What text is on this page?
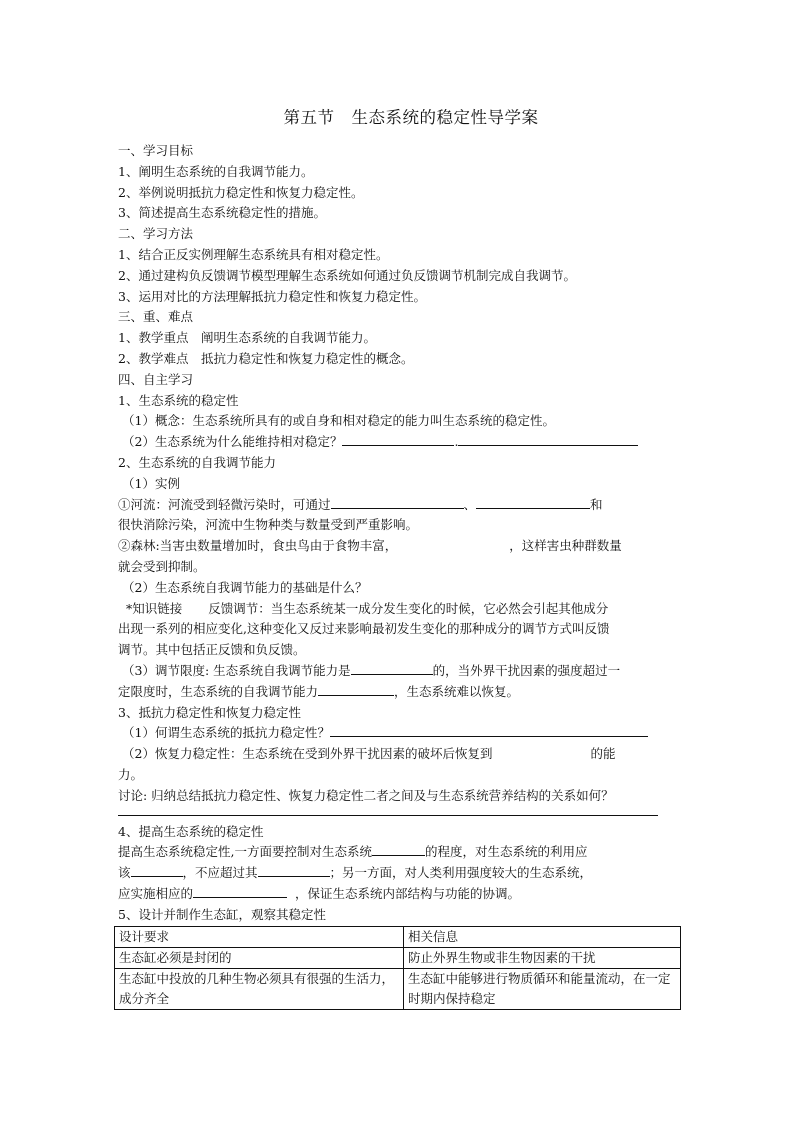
第五节　生态系统的稳定性导学案
一、学习目标
1、阐明生态系统的自我调节能力。
2、举例说明抵抗力稳定性和恢复力稳定性。
3、简述提高生态系统稳定性的措施。
二、学习方法
1、结合正反实例理解生态系统具有相对稳定性。
2、通过建构负反馈调节模型理解生态系统如何通过负反馈调节机制完成自我调节。
3、运用对比的方法理解抵抗力稳定性和恢复力稳定性。
三、重、难点
1、教学重点　阐明生态系统的自我调节能力。
2、教学难点　抵抗力稳定性和恢复力稳定性的概念。
四、自主学习
1、生态系统的稳定性
（1）概念：生态系统所具有的或自身和相对稳定的能力叫生态系统的稳定性。
（2）生态系统为什么能维持相对稳定？	.
2、生态系统的自我调节能力
（1）实例
①河流：河流受到轻微污染时，可通过	、	和
很快消除污染，河流中生物种类与数量受到严重影响。
②森林:当害虫数量增加时，食虫鸟由于食物丰富，	，这样害虫种群数量
就会受到抑制。
（2）生态系统自我调节能力的基础是什么？
*知识链接 反馈调节：当生态系统某一成分发生变化的时候，它必然会引起其他成分
出现一系列的相应变化,这种变化又反过来影响最初发生变化的那种成分的调节方式叫反馈
调节。其中包括正反馈和负反馈。
（3）调节限度: 生态系统自我调节能力是	的，当外界干扰因素的强度超过一
定限度时，生态系统的自我调节能力	，生态系统难以恢复。
3、抵抗力稳定性和恢复力稳定性
（1）何谓生态系统的抵抗力稳定性？
（2）恢复力稳定性：生态系统在受到外界干扰因素的破坏后恢复到	的能
力。
讨论: 归纳总结抵抗力稳定性、恢复力稳定性二者之间及与生态系统营养结构的关系如何？
4、提高生态系统的稳定性
提高生态系统稳定性,一方面要控制对生态系统	的程度，对生态系统的利用应
该	，不应超过其	；另一方面，对人类利用强度较大的生态系统，
应实施相应的	，保证生态系统内部结构与功能的协调。
5、设计并制作生态缸，观察其稳定性
设计要求	相关信息
生态缸必须是封闭的	防止外界生物或非生物因素的干扰
生态缸中投放的几种生物必须具有很强的生活力，成分齐全	生态缸中能够进行物质循环和能量流动，在一定时期内保持稳定
